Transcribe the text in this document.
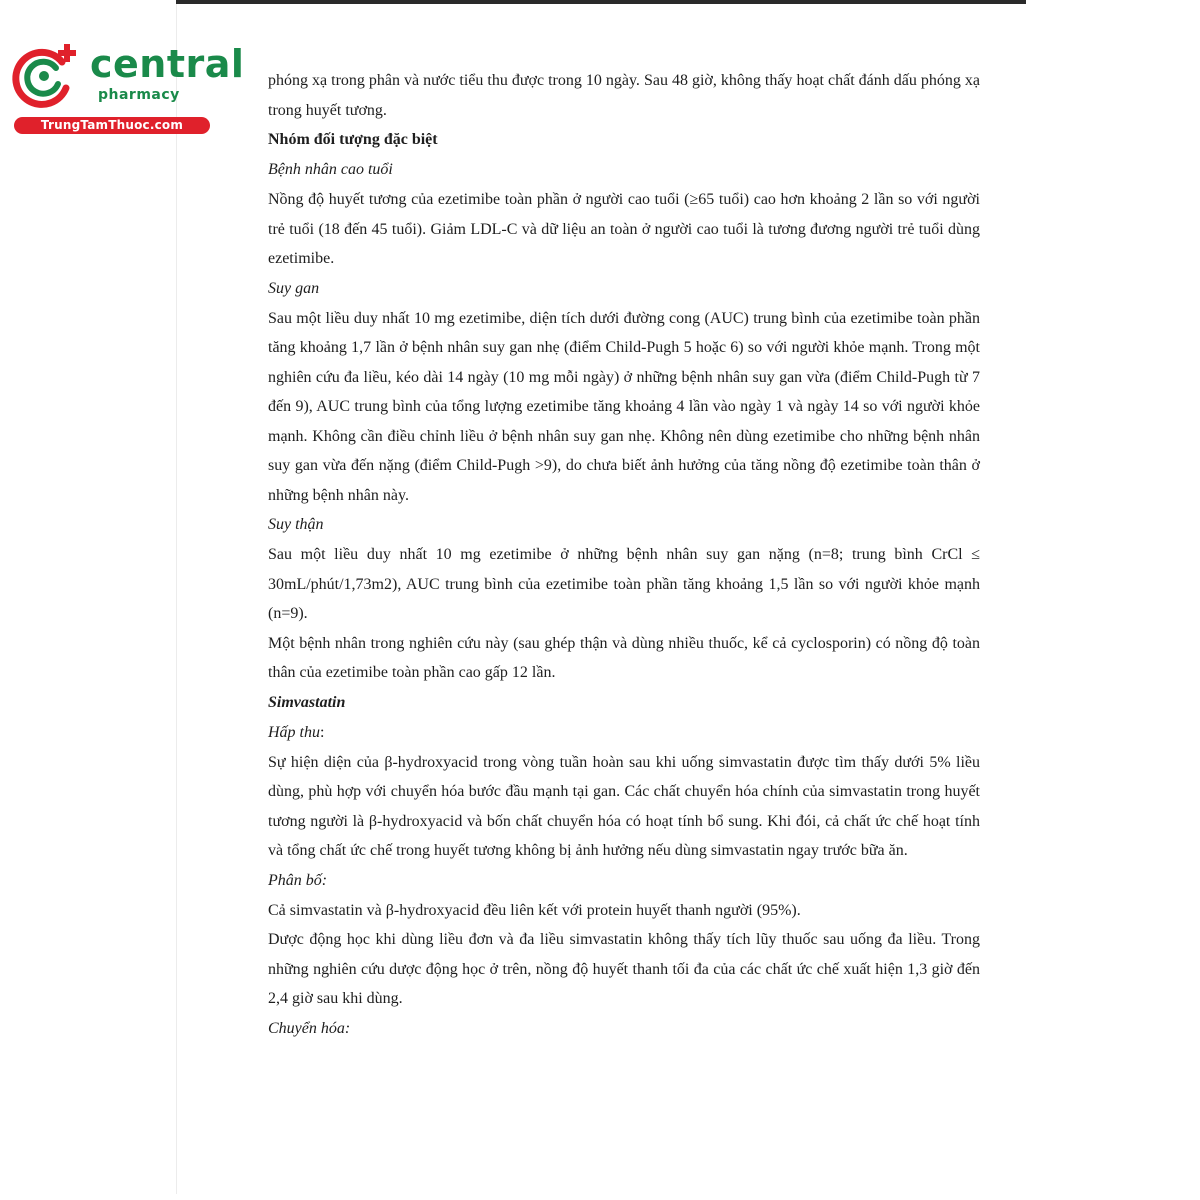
central
pharmacy
TrungTamThuoc.com

phóng xạ trong phân và nước tiểu thu được trong 10 ngày. Sau 48 giờ, không thấy hoạt chất đánh dấu phóng xạ trong huyết tương.

Nhóm đối tượng đặc biệt

Bệnh nhân cao tuổi

Nồng độ huyết tương của ezetimibe toàn phần ở người cao tuổi (≥65 tuổi) cao hơn khoảng 2 lần so với người trẻ tuổi (18 đến 45 tuổi). Giảm LDL-C và dữ liệu an toàn ở người cao tuổi là tương đương người trẻ tuổi dùng ezetimibe.

Suy gan

Sau một liều duy nhất 10 mg ezetimibe, diện tích dưới đường cong (AUC) trung bình của ezetimibe toàn phần tăng khoảng 1,7 lần ở bệnh nhân suy gan nhẹ (điểm Child-Pugh 5 hoặc 6) so với người khỏe mạnh. Trong một nghiên cứu đa liều, kéo dài 14 ngày (10 mg mỗi ngày) ở những bệnh nhân suy gan vừa (điểm Child-Pugh từ 7 đến 9), AUC trung bình của tổng lượng ezetimibe tăng khoảng 4 lần vào ngày 1 và ngày 14 so với người khỏe mạnh. Không cần điều chỉnh liều ở bệnh nhân suy gan nhẹ. Không nên dùng ezetimibe cho những bệnh nhân suy gan vừa đến nặng (điểm Child-Pugh >9), do chưa biết ảnh hưởng của tăng nồng độ ezetimibe toàn thân ở những bệnh nhân này.

Suy thận

Sau một liều duy nhất 10 mg ezetimibe ở những bệnh nhân suy gan nặng (n=8; trung bình CrCl ≤ 30mL/phút/1,73m2), AUC trung bình của ezetimibe toàn phần tăng khoảng 1,5 lần so với người khỏe mạnh (n=9).

Một bệnh nhân trong nghiên cứu này (sau ghép thận và dùng nhiều thuốc, kể cả cyclosporin) có nồng độ toàn thân của ezetimibe toàn phần cao gấp 12 lần.

Simvastatin

Hấp thu:

Sự hiện diện của β-hydroxyacid trong vòng tuần hoàn sau khi uống simvastatin được tìm thấy dưới 5% liều dùng, phù hợp với chuyển hóa bước đầu mạnh tại gan. Các chất chuyển hóa chính của simvastatin trong huyết tương người là β-hydroxyacid và bốn chất chuyển hóa có hoạt tính bổ sung. Khi đói, cả chất ức chế hoạt tính và tổng chất ức chế trong huyết tương không bị ảnh hưởng nếu dùng simvastatin ngay trước bữa ăn.

Phân bố:

Cả simvastatin và β-hydroxyacid đều liên kết với protein huyết thanh người (95%).

Dược động học khi dùng liều đơn và đa liều simvastatin không thấy tích lũy thuốc sau uống đa liều. Trong những nghiên cứu dược động học ở trên, nồng độ huyết thanh tối đa của các chất ức chế xuất hiện 1,3 giờ đến 2,4 giờ sau khi dùng.

Chuyển hóa:
